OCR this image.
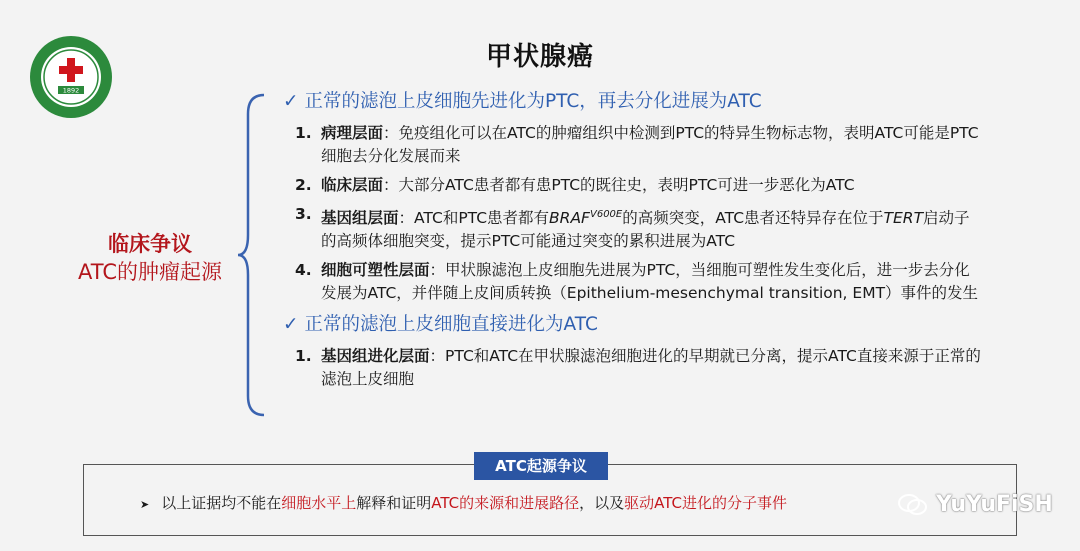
1892
甲状腺癌
临床争议
ATC的肿瘤起源
✓ 正常的滤泡上皮细胞先进化为PTC，再去分化进展为ATC
1. 病理层面：免疫组化可以在ATC的肿瘤组织中检测到PTC的特异生物标志物，表明ATC可能是PTC细胞去分化发展而来
2. 临床层面：大部分ATC患者都有患PTC的既往史，表明PTC可进一步恶化为ATC
3. 基因组层面：ATC和PTC患者都有$BRAF^{V600E}$的高频突变，ATC患者还特异存在位于TERT启动子的高频体细胞突变，提示PTC可能通过突变的累积进展为ATC
4. 细胞可塑性层面：甲状腺滤泡上皮细胞先进展为PTC，当细胞可塑性发生变化后，进一步去分化发展为ATC，并伴随上皮间质转换（Epithelium-mesenchymal transition, EMT）事件的发生
✓ 正常的滤泡上皮细胞直接进化为ATC
1. 基因组进化层面：PTC和ATC在甲状腺滤泡细胞进化的早期就已分离，提示ATC直接来源于正常的滤泡上皮细胞
ATC起源争议
➤ 以上证据均不能在细胞水平上解释和证明ATC的来源和进展路径，以及驱动ATC进化的分子事件	YuYuFiSH
